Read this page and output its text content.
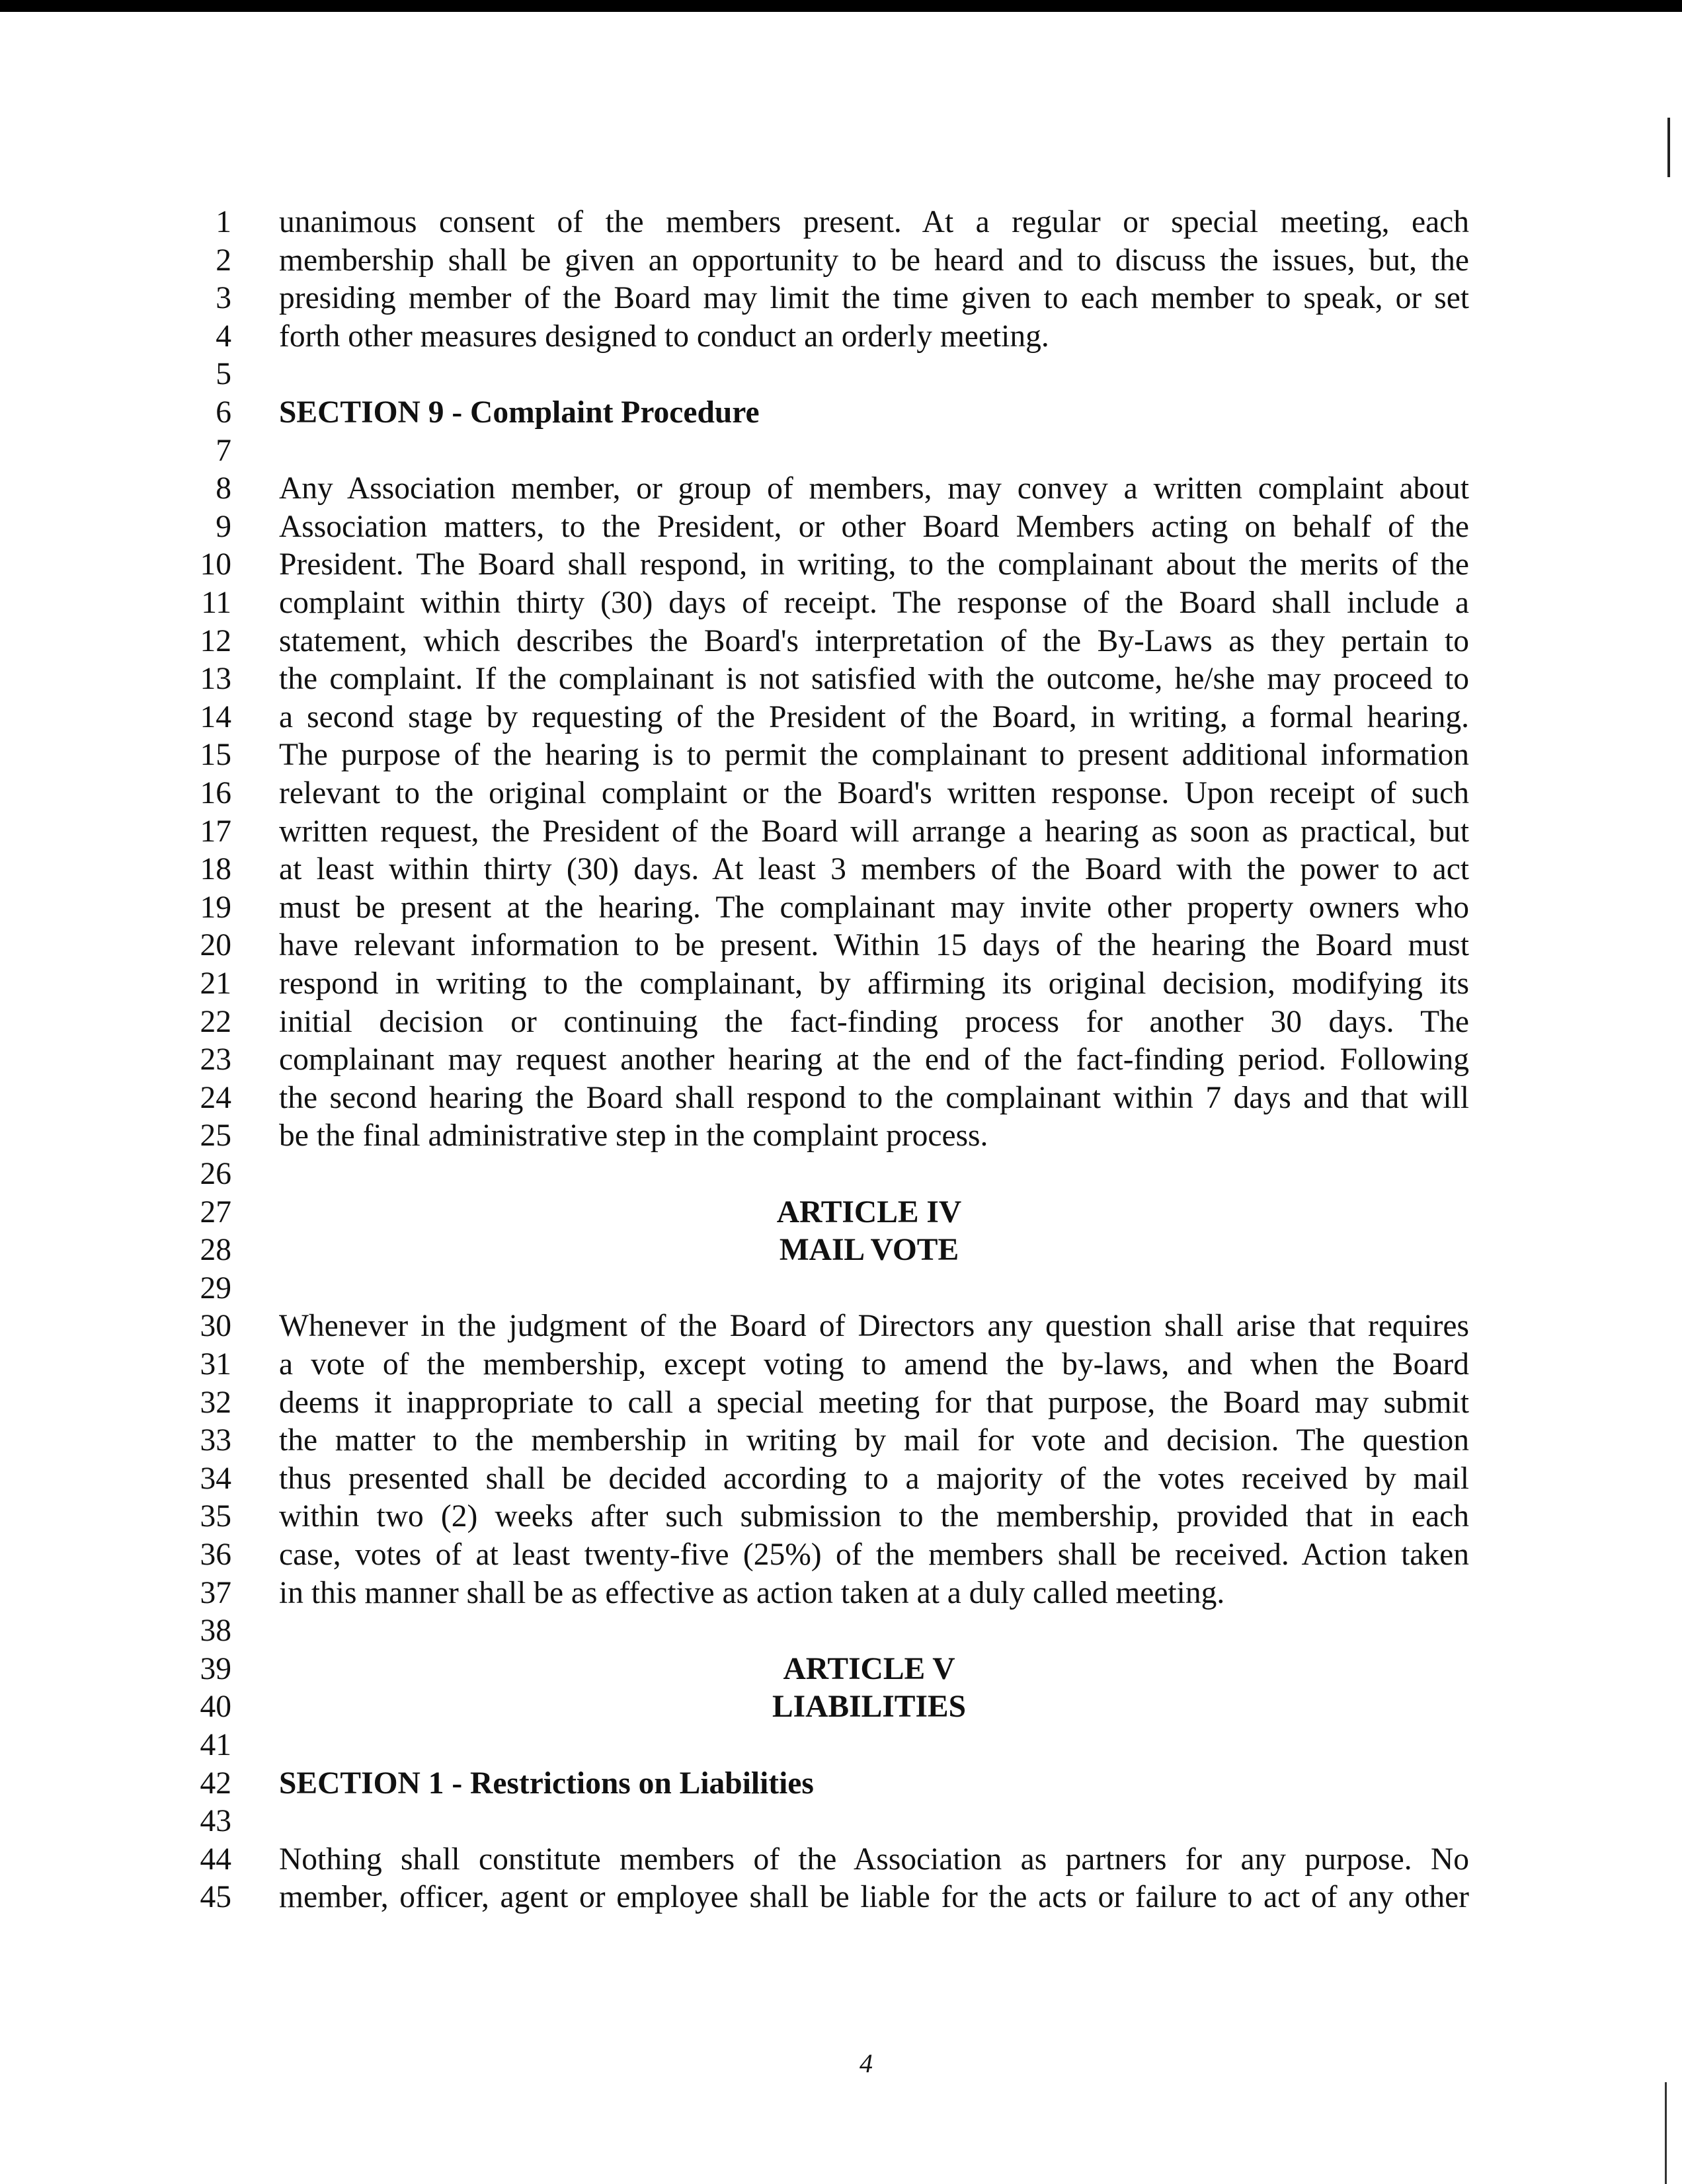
1 unanimous consent of the members present. At a regular or special meeting, each
2 membership shall be given an opportunity to be heard and to discuss the issues, but, the
3 presiding member of the Board may limit the time given to each member to speak, or set
4 forth other measures designed to conduct an orderly meeting.
5
6 SECTION 9 - Complaint Procedure
7
8 Any Association member, or group of members, may convey a written complaint about
9 Association matters, to the President, or other Board Members acting on behalf of the
10 President. The Board shall respond, in writing, to the complainant about the merits of the
11 complaint within thirty (30) days of receipt. The response of the Board shall include a
12 statement, which describes the Board's interpretation of the By-Laws as they pertain to
13 the complaint. If the complainant is not satisfied with the outcome, he/she may proceed to
14 a second stage by requesting of the President of the Board, in writing, a formal hearing.
15 The purpose of the hearing is to permit the complainant to present additional information
16 relevant to the original complaint or the Board's written response. Upon receipt of such
17 written request, the President of the Board will arrange a hearing as soon as practical, but
18 at least within thirty (30) days. At least 3 members of the Board with the power to act
19 must be present at the hearing. The complainant may invite other property owners who
20 have relevant information to be present. Within 15 days of the hearing the Board must
21 respond in writing to the complainant, by affirming its original decision, modifying its
22 initial decision or continuing the fact-finding process for another 30 days. The
23 complainant may request another hearing at the end of the fact-finding period. Following
24 the second hearing the Board shall respond to the complainant within 7 days and that will
25 be the final administrative step in the complaint process.
26
27	ARTICLE IV
28	MAIL VOTE
29
30 Whenever in the judgment of the Board of Directors any question shall arise that requires
31 a vote of the membership, except voting to amend the by-laws, and when the Board
32 deems it inappropriate to call a special meeting for that purpose, the Board may submit
33 the matter to the membership in writing by mail for vote and decision. The question
34 thus presented shall be decided according to a majority of the votes received by mail
35 within two (2) weeks after such submission to the membership, provided that in each
36 case, votes of at least twenty-five (25%) of the members shall be received. Action taken
37 in this manner shall be as effective as action taken at a duly called meeting.
38
39	ARTICLE V
40	LIABILITIES
41
42 SECTION 1 - Restrictions on Liabilities
43
44 Nothing shall constitute members of the Association as partners for any purpose. No
45 member, officer, agent or employee shall be liable for the acts or failure to act of any other
4
